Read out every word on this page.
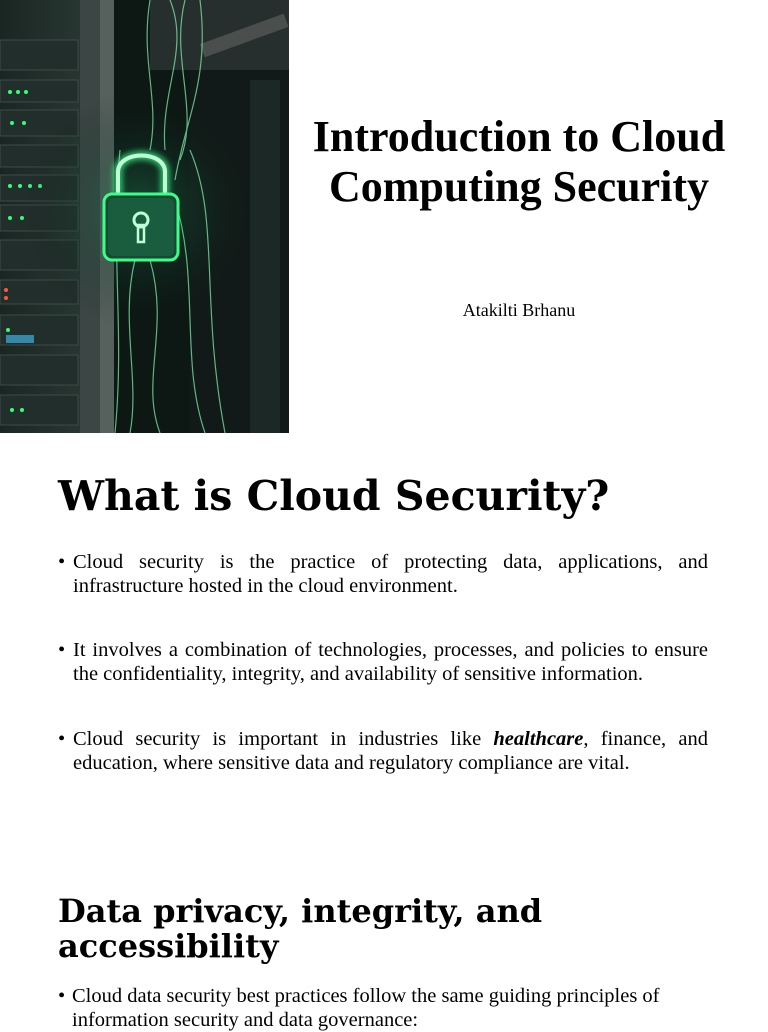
Introduction to Cloud
Computing Security
Atakilti Brhanu
What is Cloud Security?
• Cloud security is the practice of protecting data, applications, and infrastructure hosted in the cloud environment.
• It involves a combination of technologies, processes, and policies to ensure the confidentiality, integrity, and availability of sensitive information.
• Cloud security is important in industries like healthcare, finance, and education, where sensitive data and regulatory compliance are vital.
Data privacy, integrity, and accessibility
• Cloud data security best practices follow the same guiding principles of information security and data governance:
